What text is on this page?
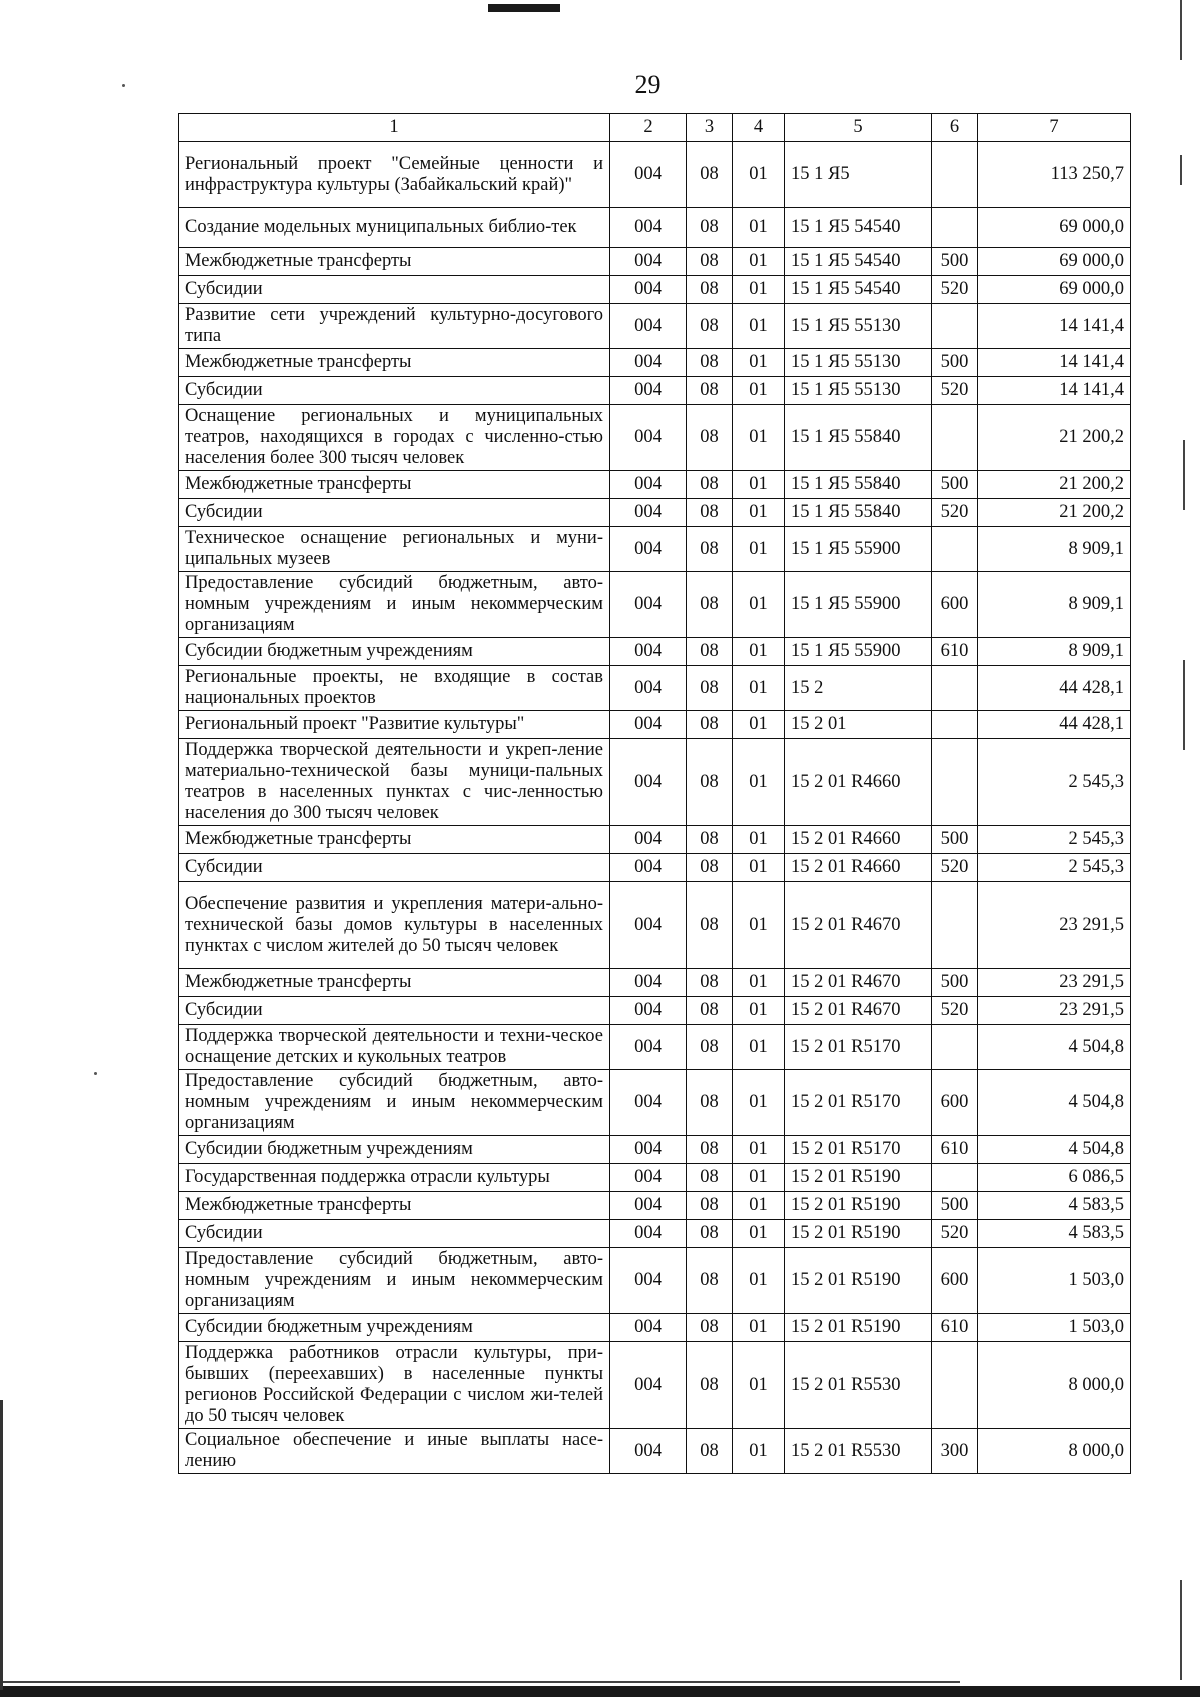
29
1	2	3	4	5	6	7
Региональный проект "Семейные ценности и инфраструктура культуры (Забайкальский край)"	004	08	01	15 1 Я5		113 250,7
Создание модельных муниципальных библио-тек	004	08	01	15 1 Я5 54540		69 000,0
Межбюджетные трансферты	004	08	01	15 1 Я5 54540	500	69 000,0
Субсидии	004	08	01	15 1 Я5 54540	520	69 000,0
Развитие сети учреждений культурно-досугового типа	004	08	01	15 1 Я5 55130		14 141,4
Межбюджетные трансферты	004	08	01	15 1 Я5 55130	500	14 141,4
Субсидии	004	08	01	15 1 Я5 55130	520	14 141,4
Оснащение региональных и муниципальных театров, находящихся в городах с численно-стью населения более 300 тысяч человек	004	08	01	15 1 Я5 55840		21 200,2
Межбюджетные трансферты	004	08	01	15 1 Я5 55840	500	21 200,2
Субсидии	004	08	01	15 1 Я5 55840	520	21 200,2
Техническое оснащение региональных и муни-ципальных музеев	004	08	01	15 1 Я5 55900		8 909,1
Предоставление субсидий бюджетным, авто-номным учреждениям и иным некоммерческим организациям	004	08	01	15 1 Я5 55900	600	8 909,1
Субсидии бюджетным учреждениям	004	08	01	15 1 Я5 55900	610	8 909,1
Региональные проекты, не входящие в состав национальных проектов	004	08	01	15 2		44 428,1
Региональный проект "Развитие культуры"	004	08	01	15 2 01		44 428,1
Поддержка творческой деятельности и укреп-ление материально-технической базы муници-пальных театров в населенных пунктах с чис-ленностью населения до 300 тысяч человек	004	08	01	15 2 01 R4660		2 545,3
Межбюджетные трансферты	004	08	01	15 2 01 R4660	500	2 545,3
Субсидии	004	08	01	15 2 01 R4660	520	2 545,3
Обеспечение развития и укрепления матери-ально-технической базы домов культуры в населенных пунктах с числом жителей до 50 тысяч человек	004	08	01	15 2 01 R4670		23 291,5
Межбюджетные трансферты	004	08	01	15 2 01 R4670	500	23 291,5
Субсидии	004	08	01	15 2 01 R4670	520	23 291,5
Поддержка творческой деятельности и техни-ческое оснащение детских и кукольных театров	004	08	01	15 2 01 R5170		4 504,8
Предоставление субсидий бюджетным, авто-номным учреждениям и иным некоммерческим организациям	004	08	01	15 2 01 R5170	600	4 504,8
Субсидии бюджетным учреждениям	004	08	01	15 2 01 R5170	610	4 504,8
Государственная поддержка отрасли культуры	004	08	01	15 2 01 R5190		6 086,5
Межбюджетные трансферты	004	08	01	15 2 01 R5190	500	4 583,5
Субсидии	004	08	01	15 2 01 R5190	520	4 583,5
Предоставление субсидий бюджетным, авто-номным учреждениям и иным некоммерческим организациям	004	08	01	15 2 01 R5190	600	1 503,0
Субсидии бюджетным учреждениям	004	08	01	15 2 01 R5190	610	1 503,0
Поддержка работников отрасли культуры, при-бывших (переехавших) в населенные пункты регионов Российской Федерации с числом жи-телей до 50 тысяч человек	004	08	01	15 2 01 R5530		8 000,0
Социальное обеспечение и иные выплаты насе-лению	004	08	01	15 2 01 R5530	300	8 000,0
